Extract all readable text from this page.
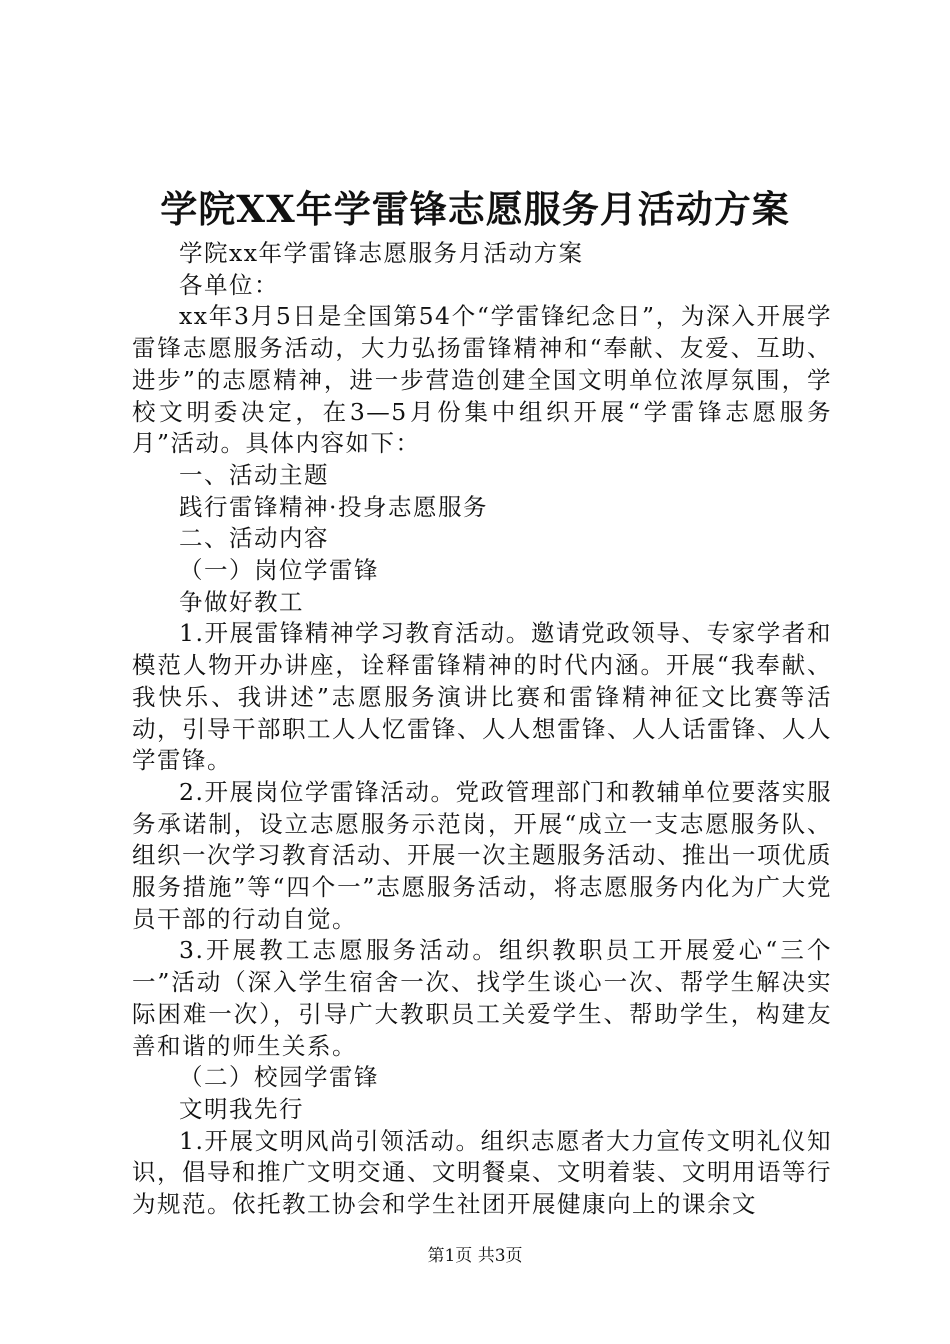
学院XX年学雷锋志愿服务月活动方案

学院xx年学雷锋志愿服务月活动方案

各单位：

xx年3月5日是全国第54个“学雷锋纪念日”，为深入开展学雷锋志愿服务活动，大力弘扬雷锋精神和“奉献、友爱、互助、进步”的志愿精神，进一步营造创建全国文明单位浓厚氛围，学校文明委决定，在3—5月份集中组织开展“学雷锋志愿服务月”活动。具体内容如下：

一、活动主题

践行雷锋精神·投身志愿服务

二、活动内容

（一）岗位学雷锋

争做好教工

1.开展雷锋精神学习教育活动。邀请党政领导、专家学者和模范人物开办讲座，诠释雷锋精神的时代内涵。开展“我奉献、我快乐、我讲述”志愿服务演讲比赛和雷锋精神征文比赛等活动，引导干部职工人人忆雷锋、人人想雷锋、人人话雷锋、人人学雷锋。

2.开展岗位学雷锋活动。党政管理部门和教辅单位要落实服务承诺制，设立志愿服务示范岗，开展“成立一支志愿服务队、组织一次学习教育活动、开展一次主题服务活动、推出一项优质服务措施”等“四个一”志愿服务活动，将志愿服务内化为广大党员干部的行动自觉。

3.开展教工志愿服务活动。组织教职员工开展爱心“三个一”活动（深入学生宿舍一次、找学生谈心一次、帮学生解决实际困难一次），引导广大教职员工关爱学生、帮助学生，构建友善和谐的师生关系。

（二）校园学雷锋

文明我先行

1.开展文明风尚引领活动。组织志愿者大力宣传文明礼仪知识，倡导和推广文明交通、文明餐桌、文明着装、文明用语等行为规范。依托教工协会和学生社团开展健康向上的课余文

第1页 共3页
